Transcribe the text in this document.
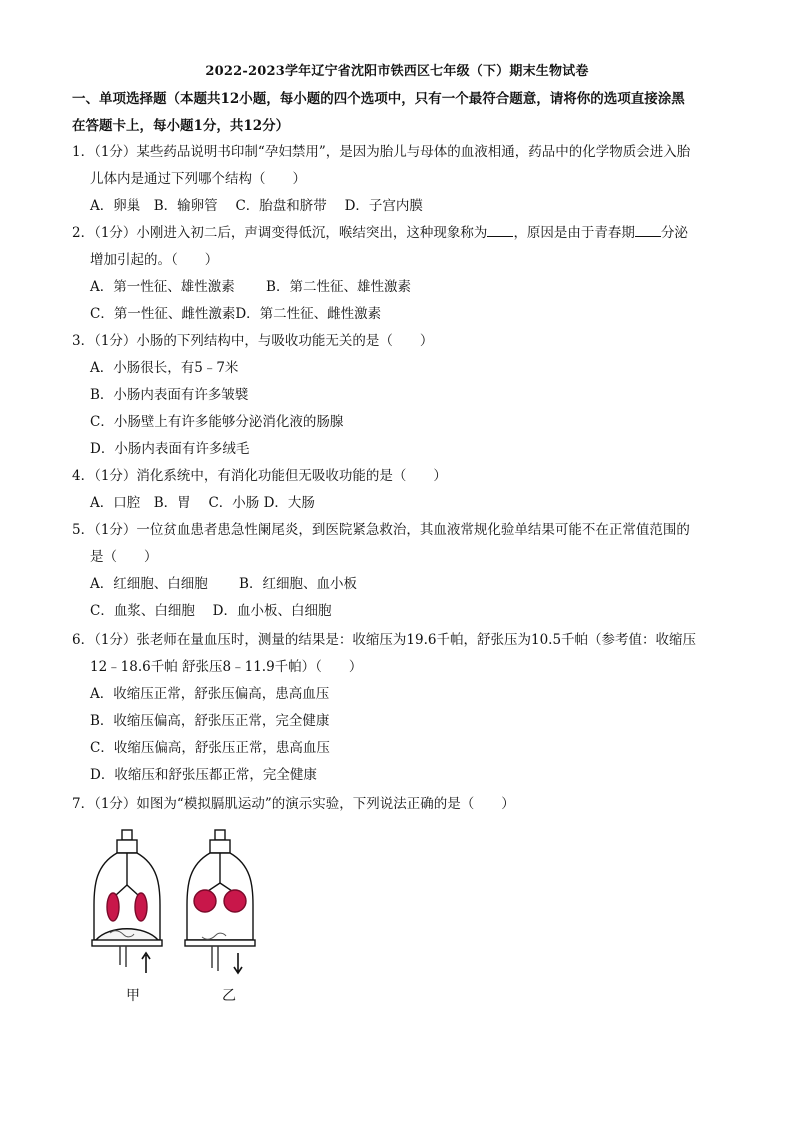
2022-2023学年辽宁省沈阳市铁西区七年级（下）期末生物试卷
一、单项选择题（本题共12小题，每小题的四个选项中，只有一个最符合题意，请将你的选项直接涂黑
在答题卡上，每小题1分，共12分）
1．（1分）某些药品说明书印制“孕妇禁用”，是因为胎儿与母体的血液相通，药品中的化学物质会进入胎
儿体内是通过下列哪个结构（　　）
A．卵巢　B．输卵管　 C．胎盘和脐带　 D．子宫内膜
2．（1分）小刚进入初二后，声调变得低沉，喉结突出，这种现象称为 ，原因是由于青春期 分泌
增加引起的。（　　）
A．第一性征、雄性激素　　 B．第二性征、雄性激素
C．第一性征、雌性激素D．第二性征、雌性激素
3．（1分）小肠的下列结构中，与吸收功能无关的是（　　）
A．小肠很长，有5﹣7米
B．小肠内表面有许多皱襞
C．小肠壁上有许多能够分泌消化液的肠腺
D．小肠内表面有许多绒毛
4．（1分）消化系统中，有消化功能但无吸收功能的是（　　）
A．口腔　B．胃　 C．小肠 D．大肠
5．（1分）一位贫血患者患急性阑尾炎，到医院紧急救治，其血液常规化验单结果可能不在正常值范围的
是（　　）
A．红细胞、白细胞　　 B．红细胞、血小板
C．血浆、白细胞　 D．血小板、白细胞
6．（1分）张老师在量血压时，测量的结果是：收缩压为19.6千帕，舒张压为10.5千帕（参考值：收缩压
12﹣18.6千帕 舒张压8﹣11.9千帕）（　　）
A．收缩压正常，舒张压偏高，患高血压
B．收缩压偏高，舒张压正常，完全健康
C．收缩压偏高，舒张压正常，患高血压
D．收缩压和舒张压都正常，完全健康
7．（1分）如图为“模拟膈肌运动”的演示实验，下列说法正确的是（　　）
甲	乙
